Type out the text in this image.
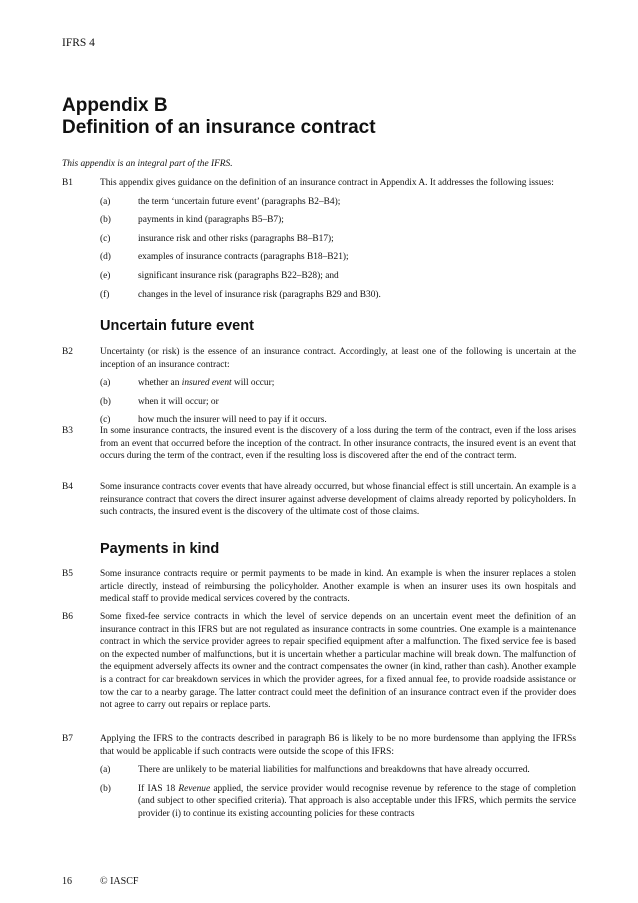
IFRS 4
Appendix B
Definition of an insurance contract
This appendix is an integral part of the IFRS.
B1	This appendix gives guidance on the definition of an insurance contract in Appendix A. It addresses the following issues:

(a)	the term ‘uncertain future event’ (paragraphs B2–B4);
(b)	payments in kind (paragraphs B5–B7);
(c)	insurance risk and other risks (paragraphs B8–B17);
(d)	examples of insurance contracts (paragraphs B18–B21);
(e)	significant insurance risk (paragraphs B22–B28); and
(f)	changes in the level of insurance risk (paragraphs B29 and B30).
Uncertain future event
B2	Uncertainty (or risk) is the essence of an insurance contract. Accordingly, at least one of the following is uncertain at the inception of an insurance contract:

(a)	whether an insured event will occur;
(b)	when it will occur; or
(c)	how much the insurer will need to pay if it occurs.
B3	In some insurance contracts, the insured event is the discovery of a loss during the term of the contract, even if the loss arises from an event that occurred before the inception of the contract. In other insurance contracts, the insured event is an event that occurs during the term of the contract, even if the resulting loss is discovered after the end of the contract term.

B4	Some insurance contracts cover events that have already occurred, but whose financial effect is still uncertain. An example is a reinsurance contract that covers the direct insurer against adverse development of claims already reported by policyholders. In such contracts, the insured event is the discovery of the ultimate cost of those claims.

Payments in kind
B5	Some insurance contracts require or permit payments to be made in kind. An example is when the insurer replaces a stolen article directly, instead of reimbursing the policyholder. Another example is when an insurer uses its own hospitals and medical staff to provide medical services covered by the contracts.

B6	Some fixed-fee service contracts in which the level of service depends on an uncertain event meet the definition of an insurance contract in this IFRS but are not regulated as insurance contracts in some countries. One example is a maintenance contract in which the service provider agrees to repair specified equipment after a malfunction. The fixed service fee is based on the expected number of malfunctions, but it is uncertain whether a particular machine will break down. The malfunction of the equipment adversely affects its owner and the contract compensates the owner (in kind, rather than cash). Another example is a contract for car breakdown services in which the provider agrees, for a fixed annual fee, to provide roadside assistance or tow the car to a nearby garage. The latter contract could meet the definition of an insurance contract even if the provider does not agree to carry out repairs or replace parts.

B7	Applying the IFRS to the contracts described in paragraph B6 is likely to be no more burdensome than applying the IFRSs that would be applicable if such contracts were outside the scope of this IFRS:

(a)	There are unlikely to be material liabilities for malfunctions and breakdowns that have already occurred.
(b)	If IAS 18 Revenue applied, the service provider would recognise revenue by reference to the stage of completion (and subject to other specified criteria). That approach is also acceptable under this IFRS, which permits the service provider (i) to continue its existing accounting policies for these contracts
16	© IASCF
